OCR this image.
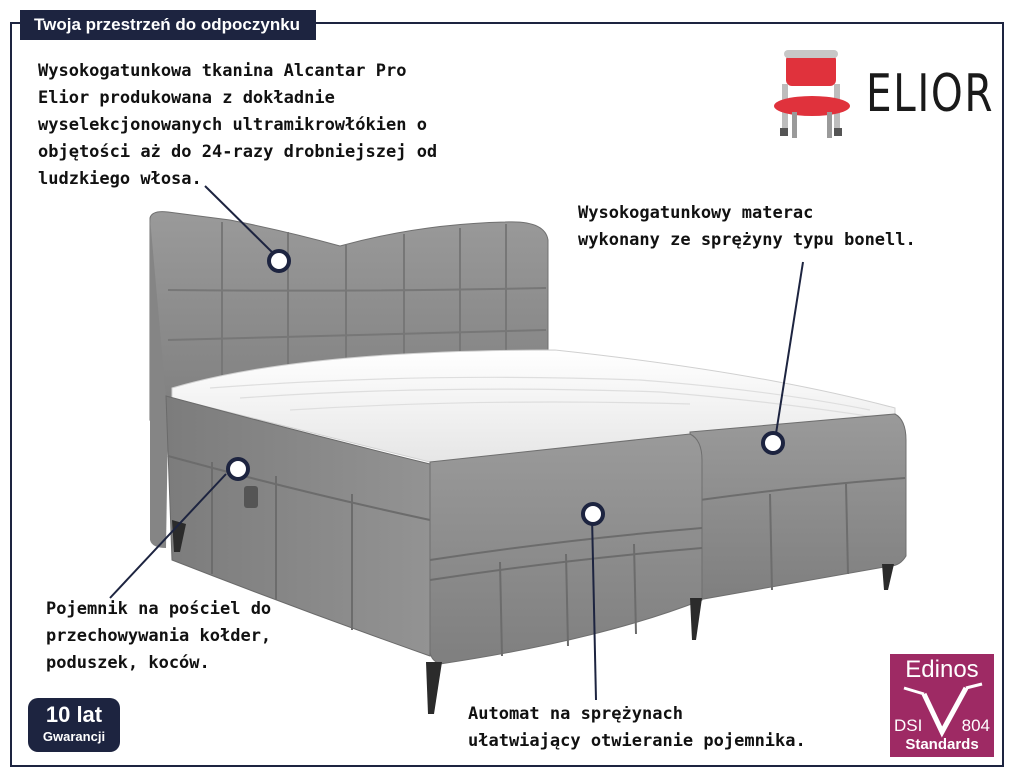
Twoja przestrzeń do odpoczynku
ELIOR
Wysokogatunkowa tkanina Alcantar Pro
Elior produkowana z dokładnie
wyselekcjonowanych ultramikrowłókien o
objętości aż do 24-razy drobniejszej od
ludzkiego włosa.
Wysokogatunkowy materac
wykonany ze sprężyny typu bonell.
Pojemnik na pościel do
przechowywania kołder,
poduszek, koców.
Automat na sprężynach
ułatwiający otwieranie pojemnika.
10 lat
Gwarancji
Edinos
DSI 804
Standards
